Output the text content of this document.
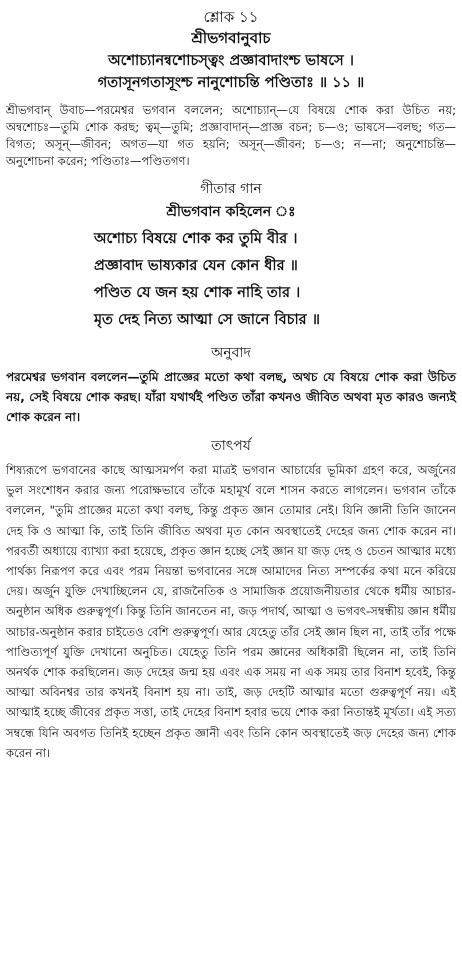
শ্লোক ১১
শ্রীভগবানুবাচ
অশোচ্যানন্বশোচস্ত্বং প্রজ্ঞাবাদাংশ্চ ভাষসে ।
গতাসূনগতাসূংশ্চ নানুশোচন্তি পণ্ডিতাঃ ॥ ১১ ॥

শ্রীভগবান্ উবাচ—পরমেশ্বর ভগবান বললেন; অশোচ্যান্—যে বিষয়ে শোক করা উচিত নয়; অন্বশোচঃ—তুমি শোক করছ; ত্বম্—তুমি; প্রজ্ঞাবাদান্—প্রাজ্ঞ বচন; চ—ও; ভাষসে—বলছ; গত—বিগত; অসূন্—জীবন; অগত—যা গত হয়নি; অসূন্—জীবন; চ—ও; ন—না; অনুশোচন্তি—অনুশোচনা করেন; পণ্ডিতাঃ—পণ্ডিতগণ।

গীতার গান
শ্রীভগবান কহিলেন ঃ
অশোচ্য বিষয়ে শোক কর তুমি বীর ।
প্রজ্ঞাবাদ ভাষ্যকার যেন কোন ধীর ॥
পণ্ডিত যে জন হয় শোক নাহি তার ।
মৃত দেহ নিত্য আত্মা সে জানে বিচার ॥
অনুবাদ

পরমেশ্বর ভগবান বললেন—তুমি প্রাজ্ঞের মতো কথা বলছ, অথচ যে বিষয়ে শোক করা উচিত নয়, সেই বিষয়ে শোক করছ। যাঁরা যথার্থই পণ্ডিত তাঁরা কখনও জীবিত অথবা মৃত কারও জন্যই শোক করেন না।

তাৎপর্য

শিষ্যরূপে ভগবানের কাছে আত্মসমর্পণ করা মাত্রই ভগবান আচার্যের ভূমিকা গ্রহণ করে, অর্জুনের ভুল সংশোধন করার জন্য পরোক্ষভাবে তাঁকে মহামূর্খ বলে শাসন করতে লাগলেন। ভগবান তাঁকে বললেন, "তুমি প্রাজ্ঞের মতো কথা বলছ, কিন্তু প্রকৃত জ্ঞান তোমার নেই। যিনি জ্ঞানী তিনি জানেন দেহ কি ও আত্মা কি, তাই তিনি জীবিত অথবা মৃত কোন অবস্থাতেই দেহের জন্য শোক করেন না। পরবর্তী অধ্যায়ে ব্যাখ্যা করা হয়েছে, প্রকৃত জ্ঞান হচ্ছে সেই জ্ঞান যা জড় দেহ ও চেতন আত্মার মধ্যে পার্থক্য নিরূপণ করে এবং পরম নিয়ন্তা ভগবানের সঙ্গে আমাদের নিত্য সম্পর্কের কথা মনে করিয়ে দেয়। অর্জুন যুক্তি দেখাচ্ছিলেন যে, রাজনৈতিক ও সামাজিক প্রয়োজনীয়তার থেকে ধর্মীয় আচার-অনুষ্ঠান অধিক গুরুত্বপূর্ণ। কিন্তু তিনি জানতেন না, জড় পদার্থ, আত্মা ও ভগবৎ-সম্বন্ধীয় জ্ঞান ধর্মীয় আচার-অনুষ্ঠান করার চাইতেও বেশি গুরুত্বপূর্ণ। আর যেহেতু তাঁর সেই জ্ঞান ছিল না, তাই তাঁর পক্ষে পাণ্ডিত্যপূর্ণ যুক্তি দেখানো অনুচিত। যেহেতু তিনি পরম জ্ঞানের অধিকারী ছিলেন না, তাই তিনি অনর্থক শোক করছিলেন। জড় দেহের জন্ম হয় এবং এক সময় না এক সময় তার বিনাশ হবেই, কিন্তু আত্মা অবিনশ্বর তার কখনই বিনাশ হয় না। তাই, জড় দেহটি আত্মার মতো গুরুত্বপূর্ণ নয়। এই আত্মাই হচ্ছে জীবের প্রকৃত সত্তা, তাই দেহের বিনাশ হবার ভয়ে শোক করা নিতান্তই মূর্খতা। এই সত্য সম্বন্ধে যিনি অবগত তিনিই হচ্ছেন প্রকৃত জ্ঞানী এবং তিনি কোন অবস্থাতেই জড় দেহের জন্য শোক করেন না।
